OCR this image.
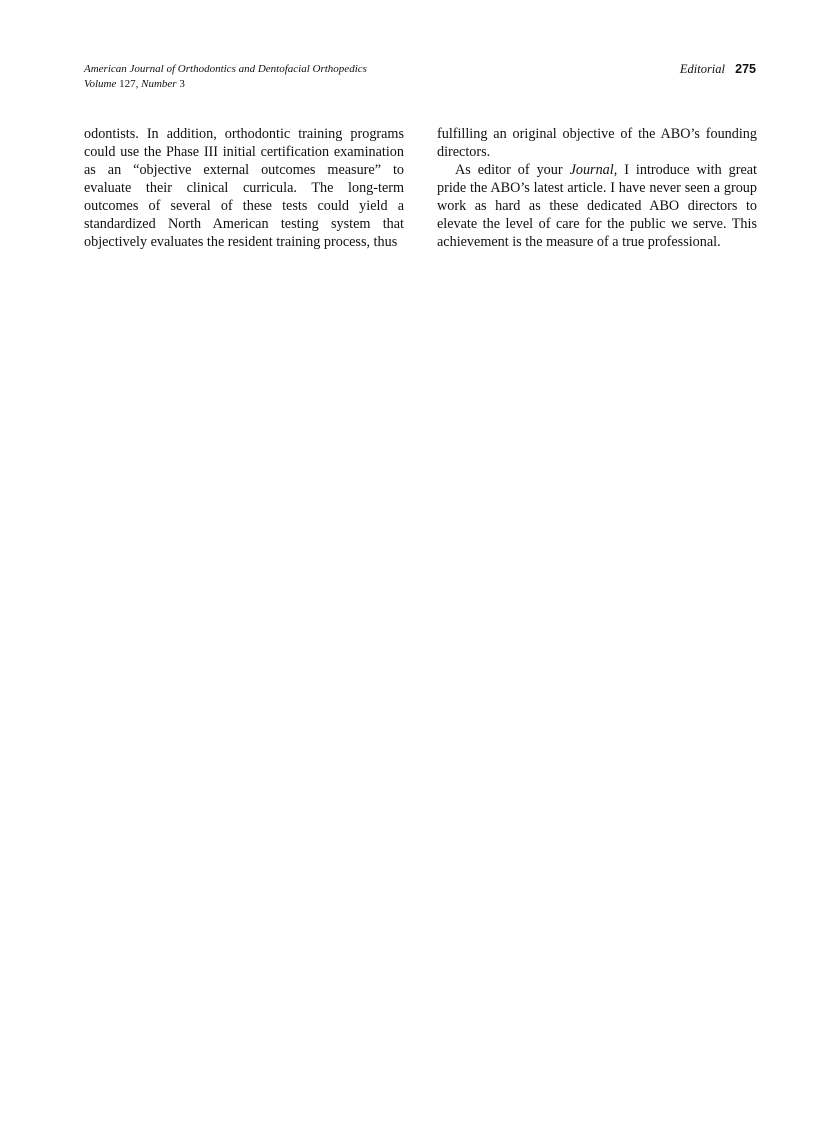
American Journal of Orthodontics and Dentofacial Orthopedics
Volume 127, Number 3
Editorial 275

odontists. In addition, orthodontic training programs could use the Phase III initial certification examination as an “objective external outcomes measure” to evaluate their clinical curricula. The long-term outcomes of several of these tests could yield a standardized North American testing system that objectively evaluates the resident training process, thus

fulfilling an original objective of the ABO’s founding directors.

As editor of your Journal, I introduce with great pride the ABO’s latest article. I have never seen a group work as hard as these dedicated ABO directors to elevate the level of care for the public we serve. This achievement is the measure of a true professional.
